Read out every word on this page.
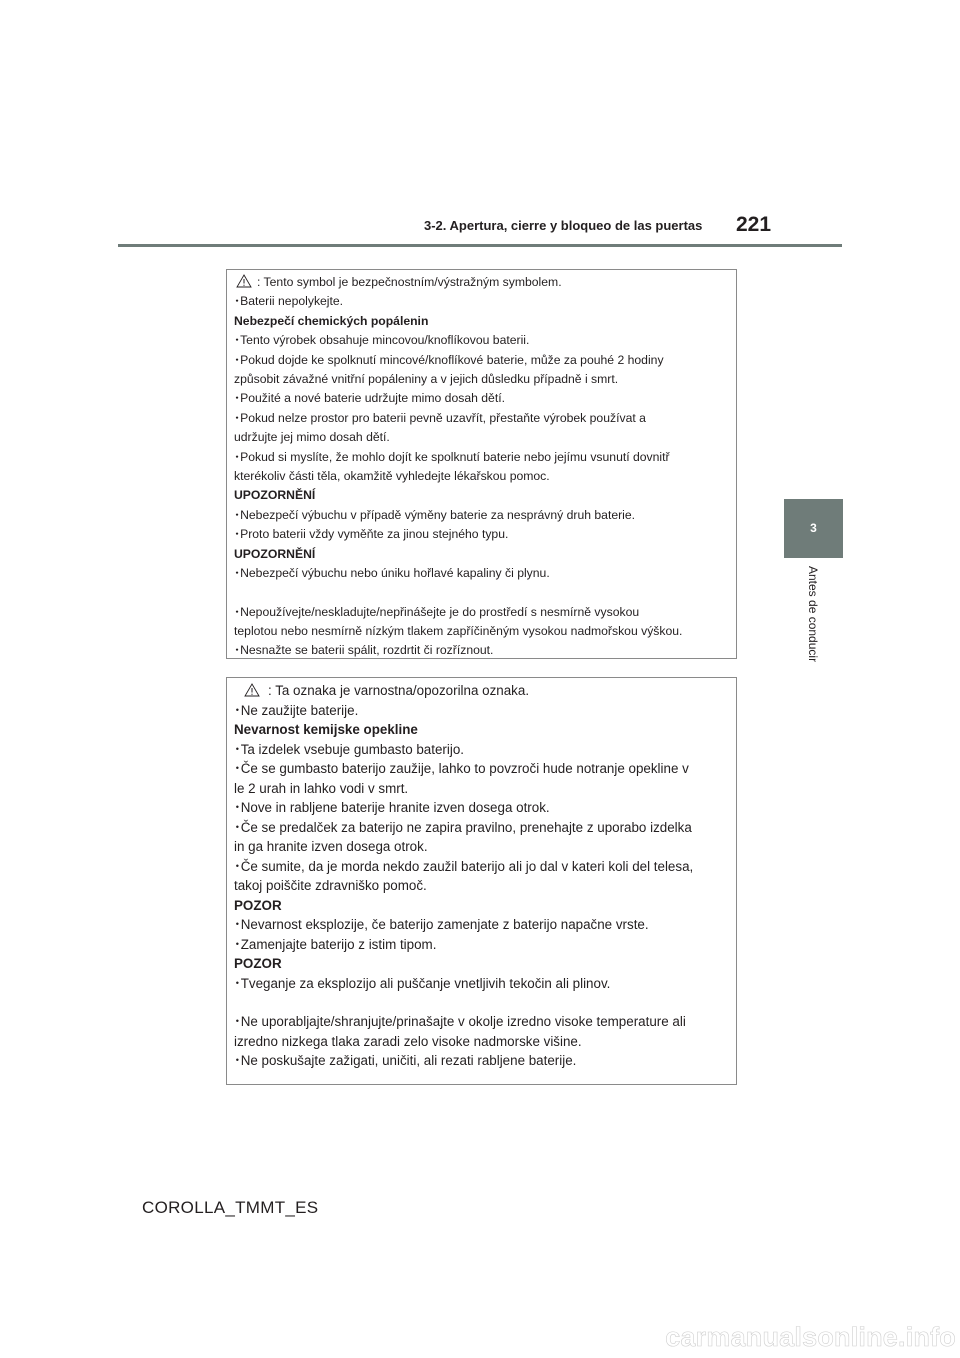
3-2. Apertura, cierre y bloqueo de las puertas 221
3
Antes de conducir
: Tento symbol je bezpečnostním/výstražným symbolem.
･Baterii nepolykejte.
Nebezpečí chemických popálenin
･Tento výrobek obsahuje mincovou/knoflíkovou baterii.
･Pokud dojde ke spolknutí mincové/knoflíkové baterie, může za pouhé 2 hodiny
způsobit závažné vnitřní popáleniny a v jejich důsledku případně i smrt.
･Použité a nové baterie udržujte mimo dosah dětí.
･Pokud nelze prostor pro baterii pevně uzavřít, přestaňte výrobek používat a
udržujte jej mimo dosah dětí.
･Pokud si myslíte, že mohlo dojít ke spolknutí baterie nebo jejímu vsunutí dovnitř
kterékoliv části těla, okamžitě vyhledejte lékařskou pomoc.
UPOZORNĚNÍ
･Nebezpečí výbuchu v případě výměny baterie za nesprávný druh baterie.
･Proto baterii vždy vyměňte za jinou stejného typu.
UPOZORNĚNÍ
･Nebezpečí výbuchu nebo úniku hořlavé kapaliny či plynu.
･Nepoužívejte/neskladujte/nepřinášejte je do prostředí s nesmírně vysokou
teplotou nebo nesmírně nízkým tlakem zapříčiněným vysokou nadmořskou výškou.
･Nesnažte se baterii spálit, rozdrtit či rozříznout.
: Ta oznaka je varnostna/opozorilna oznaka.
･Ne zaužijte baterije.
Nevarnost kemijske opekline
･Ta izdelek vsebuje gumbasto baterijo.
･Če se gumbasto baterijo zaužije, lahko to povzroči hude notranje opekline v
le 2 urah in lahko vodi v smrt.
･Nove in rabljene baterije hranite izven dosega otrok.
･Če se predalček za baterijo ne zapira pravilno, prenehajte z uporabo izdelka
in ga hranite izven dosega otrok.
･Če sumite, da je morda nekdo zaužil baterijo ali jo dal v kateri koli del telesa,
takoj poiščite zdravniško pomoč.
POZOR
･Nevarnost eksplozije, če baterijo zamenjate z baterijo napačne vrste.
･Zamenjajte baterijo z istim tipom.
POZOR
･Tveganje za eksplozijo ali puščanje vnetljivih tekočin ali plinov.
･Ne uporabljajte/shranjujte/prinašajte v okolje izredno visoke temperature ali
izredno nizkega tlaka zaradi zelo visoke nadmorske višine.
･Ne poskušajte zažigati, uničiti, ali rezati rabljene baterije.
COROLLA_TMMT_ES
carmanualsonline.info
